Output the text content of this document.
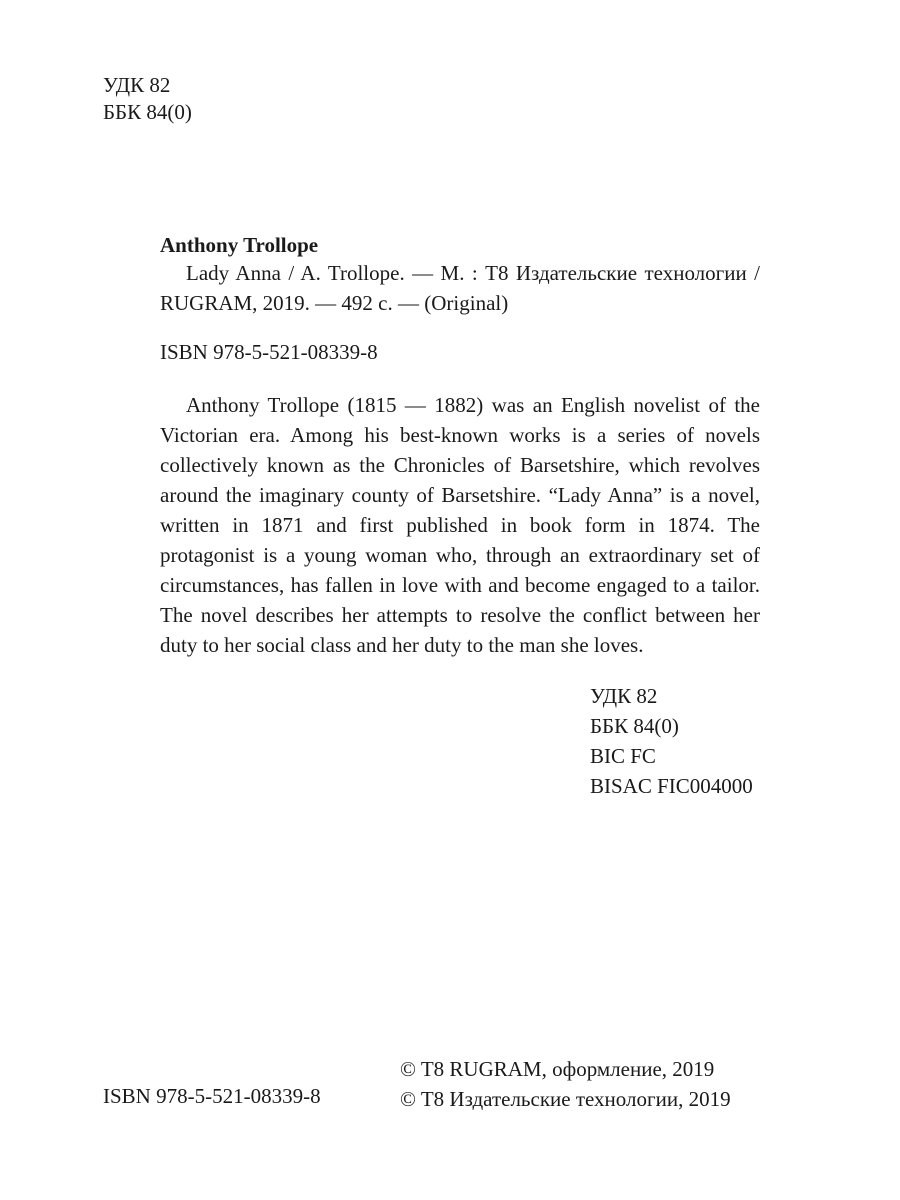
УДК 82
ББК 84(0)
Anthony Trollope
Lady Anna / A. Trollope. — М. : T8 Издательские технологии / RUGRAM, 2019. — 492 с. — (Original)
ISBN 978-5-521-08339-8
Anthony Trollope (1815 — 1882) was an English novelist of the Victorian era. Among his best-known works is a series of novels collectively known as the Chronicles of Barsetshire, which revolves around the imaginary county of Barsetshire. “Lady Anna” is a novel, written in 1871 and first published in book form in 1874. The protagonist is a young woman who, through an extraordinary set of circumstances, has fallen in love with and become engaged to a tailor. The novel describes her attempts to resolve the conflict between her duty to her social class and her duty to the man she loves.
УДК 82
ББК 84(0)
BIC FC
BISAC FIC004000
ISBN 978-5-521-08339-8
© T8 RUGRAM, оформление, 2019
© T8 Издательские технологии, 2019
